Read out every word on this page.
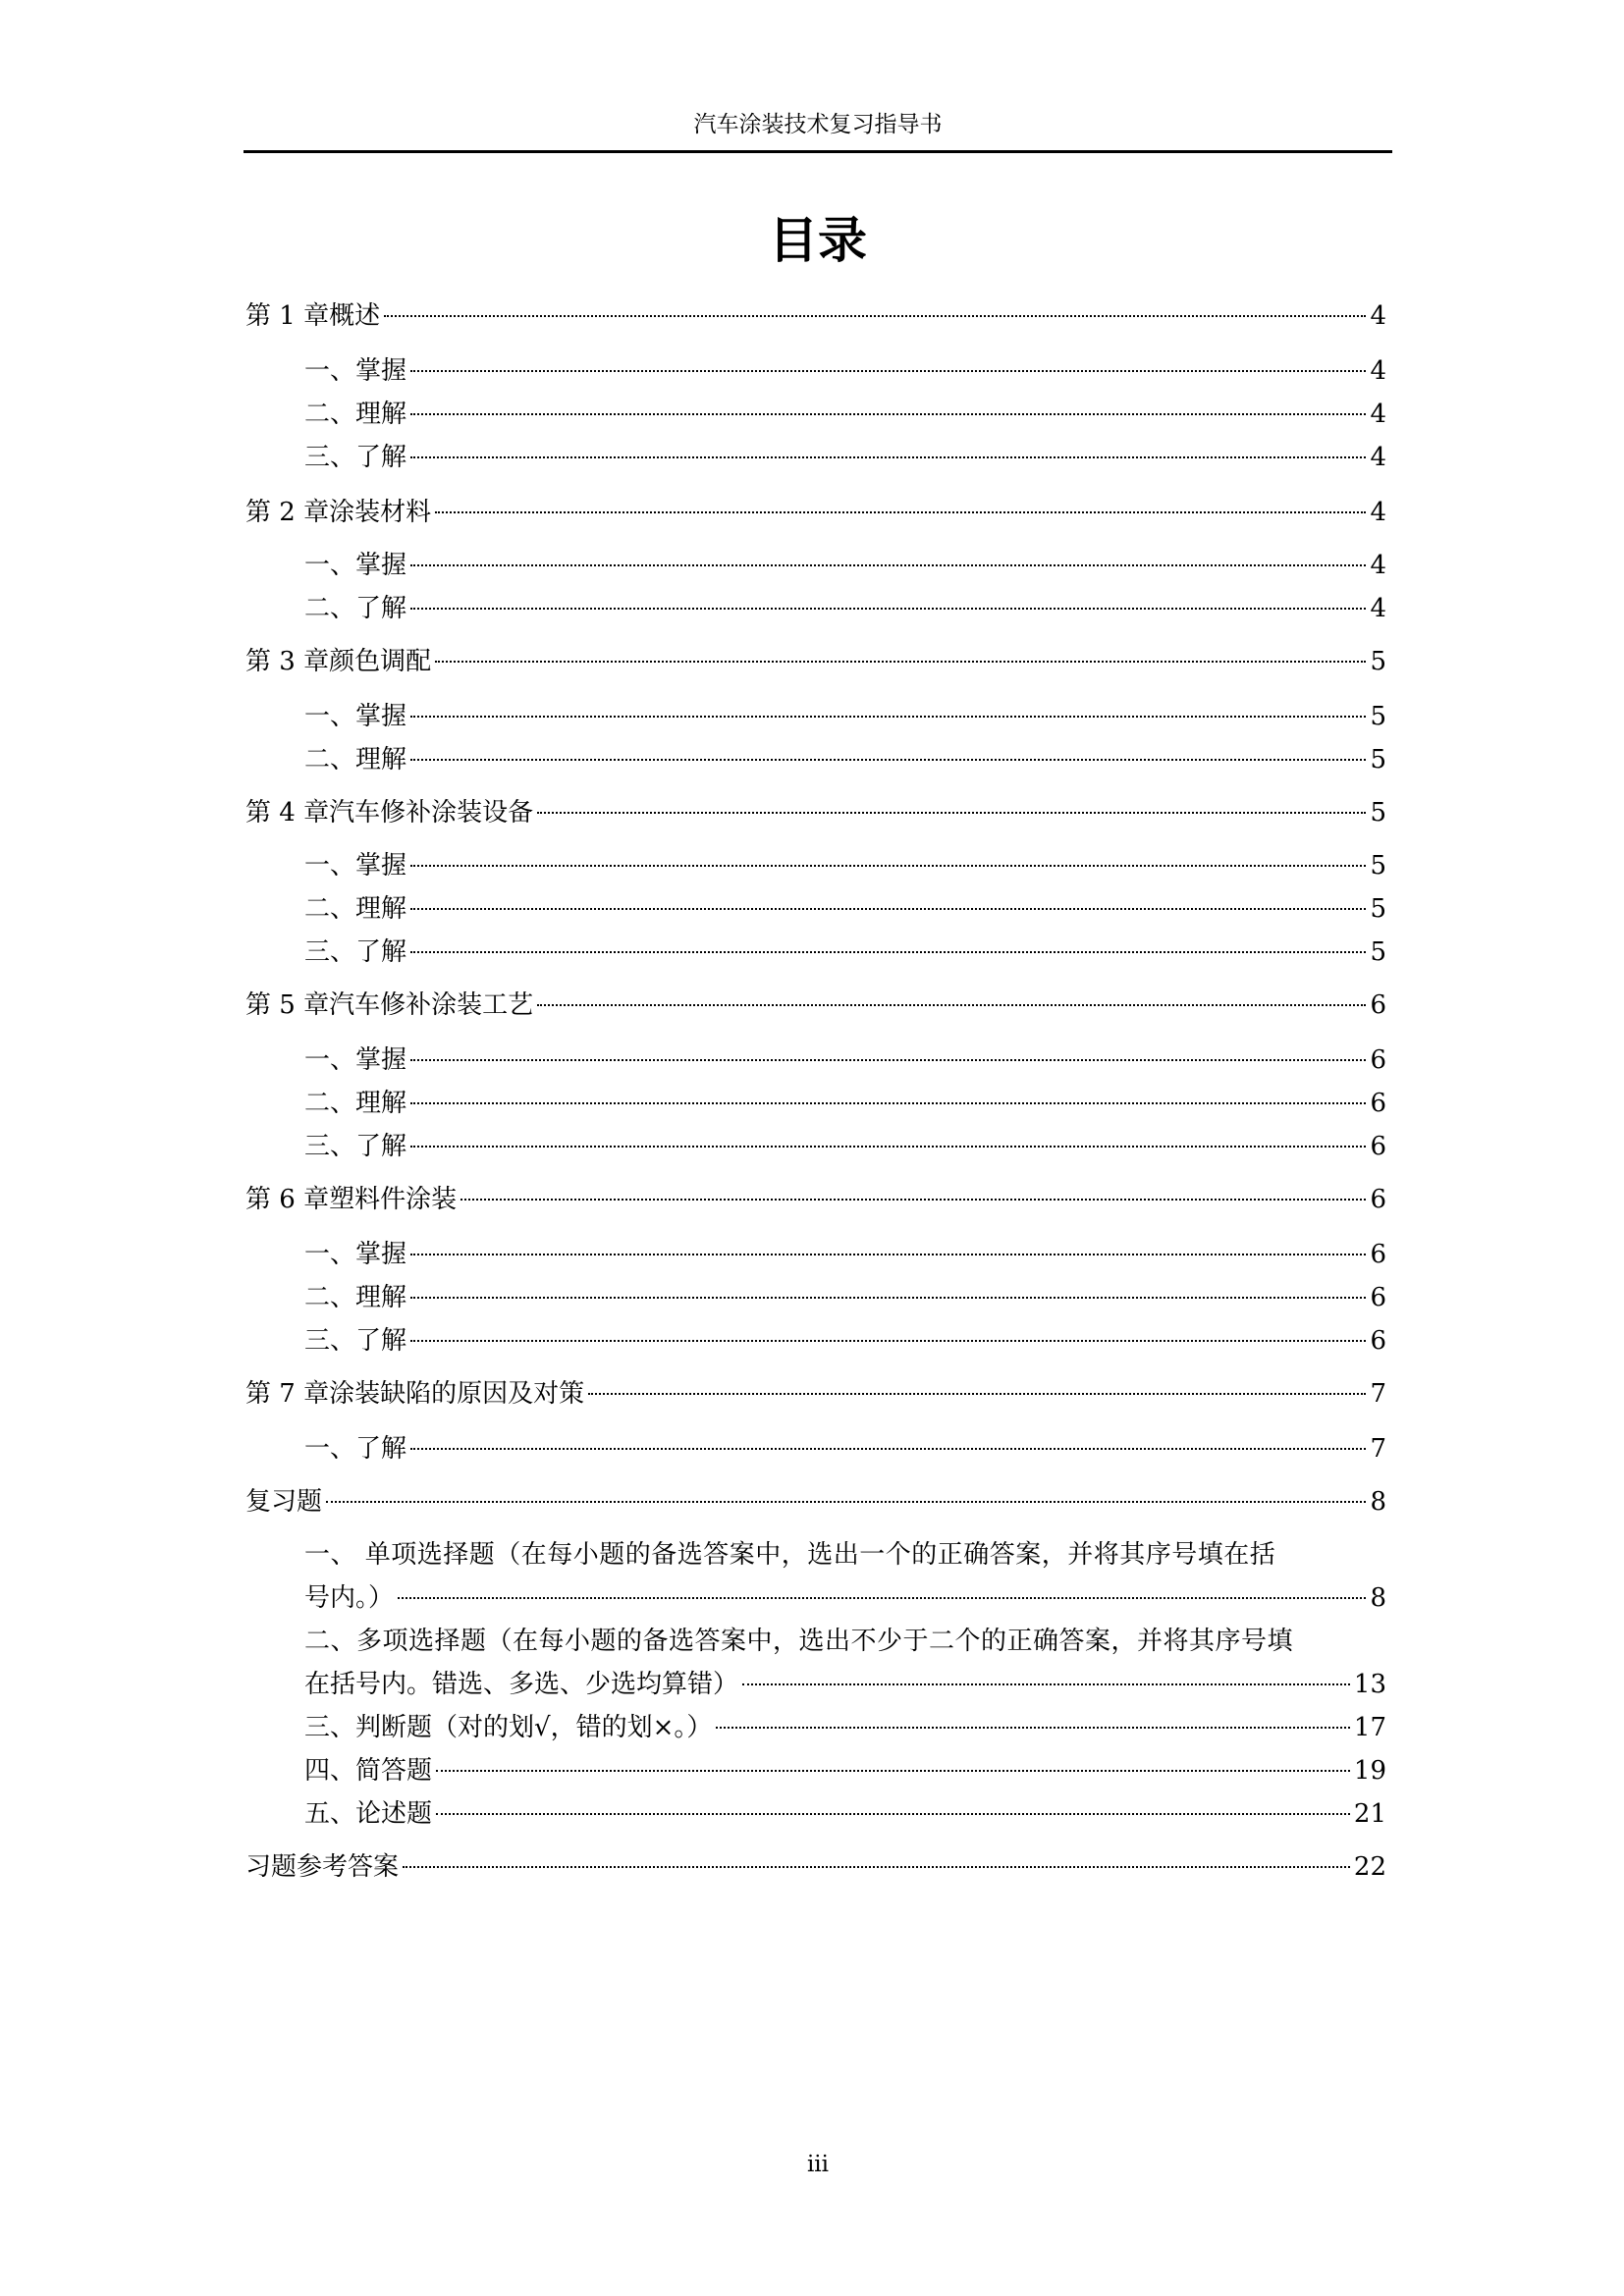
汽车涂装技术复习指导书
目录
第 1 章概述	4
一、掌握	4
二、理解	4
三、了解	4
第 2 章涂装材料	4
一、掌握	4
二、了解	4
第 3 章颜色调配	5
一、掌握	5
二、理解	5
第 4 章汽车修补涂装设备	5
一、掌握	5
二、理解	5
三、了解	5
第 5 章汽车修补涂装工艺	6
一、掌握	6
二、理解	6
三、了解	6
第 6 章塑料件涂装	6
一、掌握	6
二、理解	6
三、了解	6
第 7 章涂装缺陷的原因及对策	7
一、了解	7
复习题	8
一、 单项选择题（在每小题的备选答案中，选出一个的正确答案，并将其序号填在括
号内。）	8
二、多项选择题（在每小题的备选答案中，选出不少于二个的正确答案，并将其序号填
在括号内。错选、多选、少选均算错）	13
三、判断题（对的划√，错的划×。）	17
四、简答题	19
五、论述题	21
习题参考答案	22
iii
